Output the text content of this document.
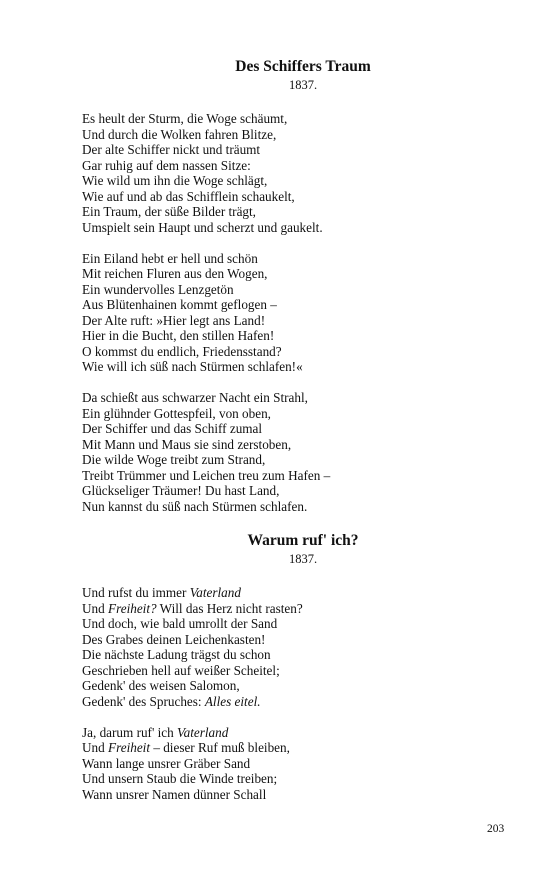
Des Schiffers Traum
1837.
Es heult der Sturm, die Woge schäumt,
Und durch die Wolken fahren Blitze,
Der alte Schiffer nickt und träumt
Gar ruhig auf dem nassen Sitze:
Wie wild um ihn die Woge schlägt,
Wie auf und ab das Schifflein schaukelt,
Ein Traum, der süße Bilder trägt,
Umspielt sein Haupt und scherzt und gaukelt.
Ein Eiland hebt er hell und schön
Mit reichen Fluren aus den Wogen,
Ein wundervolles Lenzgetön
Aus Blütenhainen kommt geflogen –
Der Alte ruft: »Hier legt ans Land!
Hier in die Bucht, den stillen Hafen!
O kommst du endlich, Friedensstand?
Wie will ich süß nach Stürmen schlafen!«
Da schießt aus schwarzer Nacht ein Strahl,
Ein glühnder Gottespfeil, von oben,
Der Schiffer und das Schiff zumal
Mit Mann und Maus sie sind zerstoben,
Die wilde Woge treibt zum Strand,
Treibt Trümmer und Leichen treu zum Hafen –
Glückseliger Träumer! Du hast Land,
Nun kannst du süß nach Stürmen schlafen.
Warum ruf' ich?
1837.
Und rufst du immer Vaterland
Und Freiheit? Will das Herz nicht rasten?
Und doch, wie bald umrollt der Sand
Des Grabes deinen Leichenkasten!
Die nächste Ladung trägst du schon
Geschrieben hell auf weißer Scheitel;
Gedenk' des weisen Salomon,
Gedenk' des Spruches: Alles eitel.
Ja, darum ruf' ich Vaterland
Und Freiheit – dieser Ruf muß bleiben,
Wann lange unsrer Gräber Sand
Und unsern Staub die Winde treiben;
Wann unsrer Namen dünner Schall
203
